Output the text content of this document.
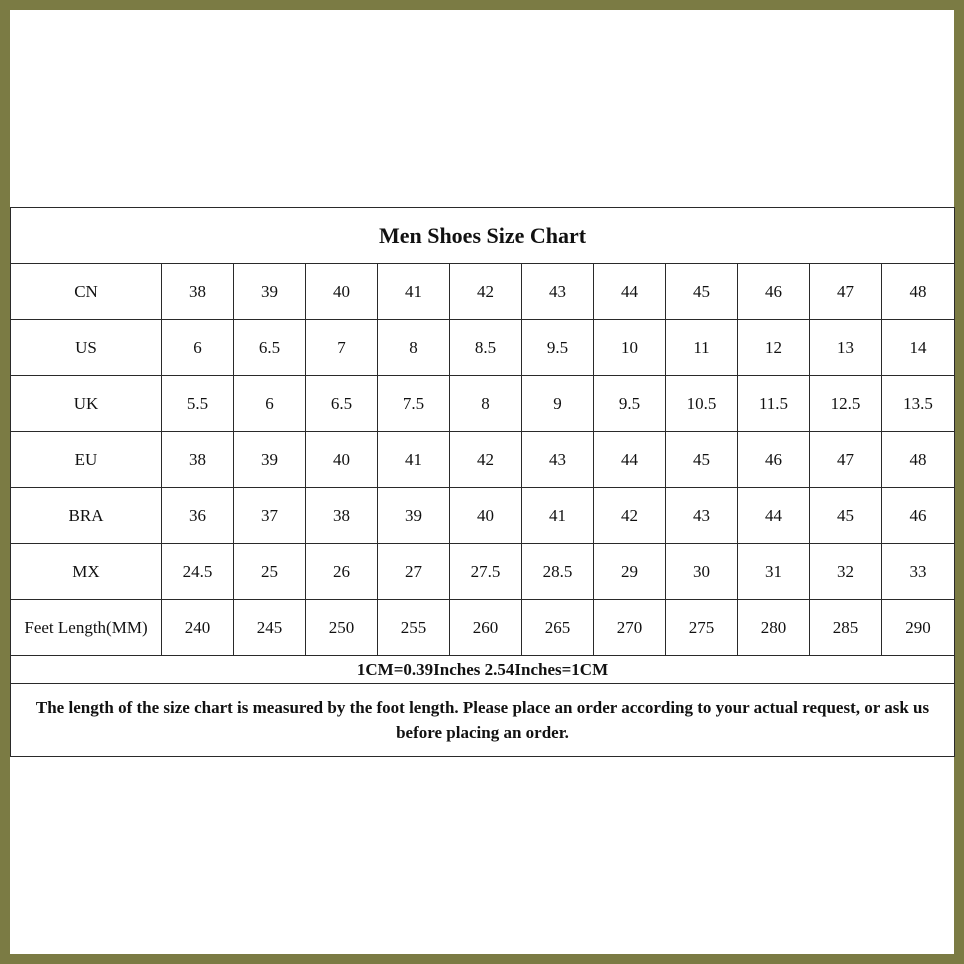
Men Shoes Size Chart											
CN	38	39	40	41	42	43	44	45	46	47	48
US	6	6.5	7	8	8.5	9.5	10	11	12	13	14
UK	5.5	6	6.5	7.5	8	9	9.5	10.5	11.5	12.5	13.5
EU	38	39	40	41	42	43	44	45	46	47	48
BRA	36	37	38	39	40	41	42	43	44	45	46
MX	24.5	25	26	27	27.5	28.5	29	30	31	32	33
Feet Length(MM)	240	245	250	255	260	265	270	275	280	285	290
1CM=0.39Inches 2.54Inches=1CM											
The length of the size chart is measured by the foot length. Please place an order according to your actual request, or ask us before placing an order.											
